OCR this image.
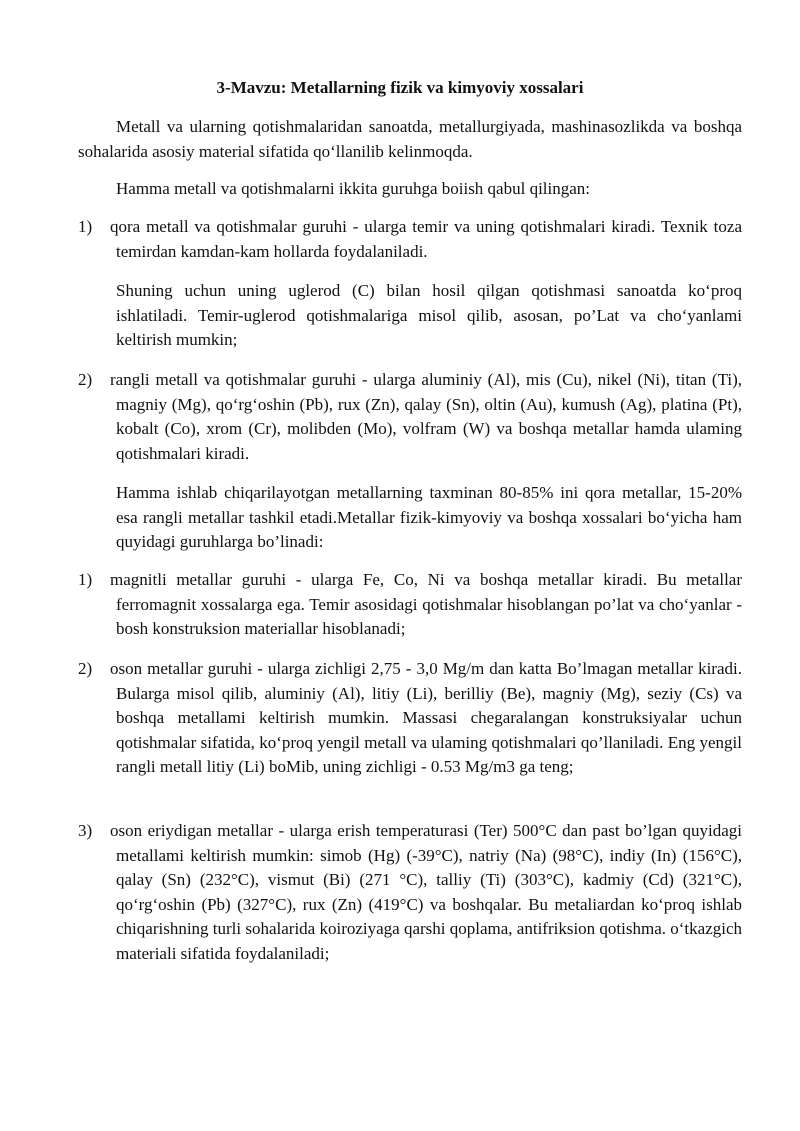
3-Mavzu: Metallarning fizik va kimyoviy xossalari

Metall va ularning qotishmalaridan sanoatda, metallurgiyada, mashinasozlikda va boshqa sohalarida asosiy material sifatida qo‘llanilib kelinmoqda.

Hamma metall va qotishmalarni ikkita guruhga boiish qabul qilingan:

1) qora metall va qotishmalar guruhi - ularga temir va uning qotishmalari kiradi. Texnik toza temirdan kamdan-kam hollarda foydalaniladi.

Shuning uchun uning uglerod (C) bilan hosil qilgan qotishmasi sanoatda ko‘proq ishlatiladi. Temir-uglerod qotishmalariga misol qilib, asosan, po’Lat va cho‘yanlami keltirish mumkin;

2) rangli metall va qotishmalar guruhi - ularga aluminiy (Al), mis (Cu), nikel (Ni), titan (Ti), magniy (Mg), qo‘rg‘oshin (Pb), rux (Zn), qalay (Sn), oltin (Au), kumush (Ag), platina (Pt), kobalt (Co), xrom (Cr), molibden (Mo), volfram (W) va boshqa metallar hamda ulaming qotishmalari kiradi.

Hamma ishlab chiqarilayotgan metallarning taxminan 80-85% ini qora metallar, 15-20% esa rangli metallar tashkil etadi.Metallar fizik-kimyoviy va boshqa xossalari bo‘yicha ham quyidagi guruhlarga bo’linadi:

1) magnitli metallar guruhi - ularga Fe, Co, Ni va boshqa metallar kiradi. Bu metallar ferromagnit xossalarga ega. Temir asosidagi qotishmalar hisoblangan po’lat va cho‘yanlar - bosh konstruksion materiallar hisoblanadi;

2) oson metallar guruhi - ularga zichligi 2,75 - 3,0 Mg/m dan katta Bo’lmagan metallar kiradi. Bularga misol qilib, aluminiy (Al), litiy (Li), berilliy (Be), magniy (Mg), seziy (Cs) va boshqa metallami keltirish mumkin. Massasi chegaralangan konstruksiyalar uchun qotishmalar sifatida, ko‘proq yengil metall va ulaming qotishmalari qo’llaniladi. Eng yengil rangli metall litiy (Li) boMib, uning zichligi - 0.53 Mg/m3 ga teng;

3) oson eriydigan metallar - ularga erish temperaturasi (Ter) 500°C dan past bo’lgan quyidagi metallami keltirish mumkin: simob (Hg) (-39°C), natriy (Na) (98°C), indiy (In) (156°C), qalay (Sn) (232°C), vismut (Bi) (271 °C), talliy (Ti) (303°C), kadmiy (Cd) (321°C), qo‘rg‘oshin (Pb) (327°C), rux (Zn) (419°C) va boshqalar. Bu metaliardan ko‘proq ishlab chiqarishning turli sohalarida koiroziyaga qarshi qoplama, antifriksion qotishma. o‘tkazgich materiali sifatida foydalaniladi;
